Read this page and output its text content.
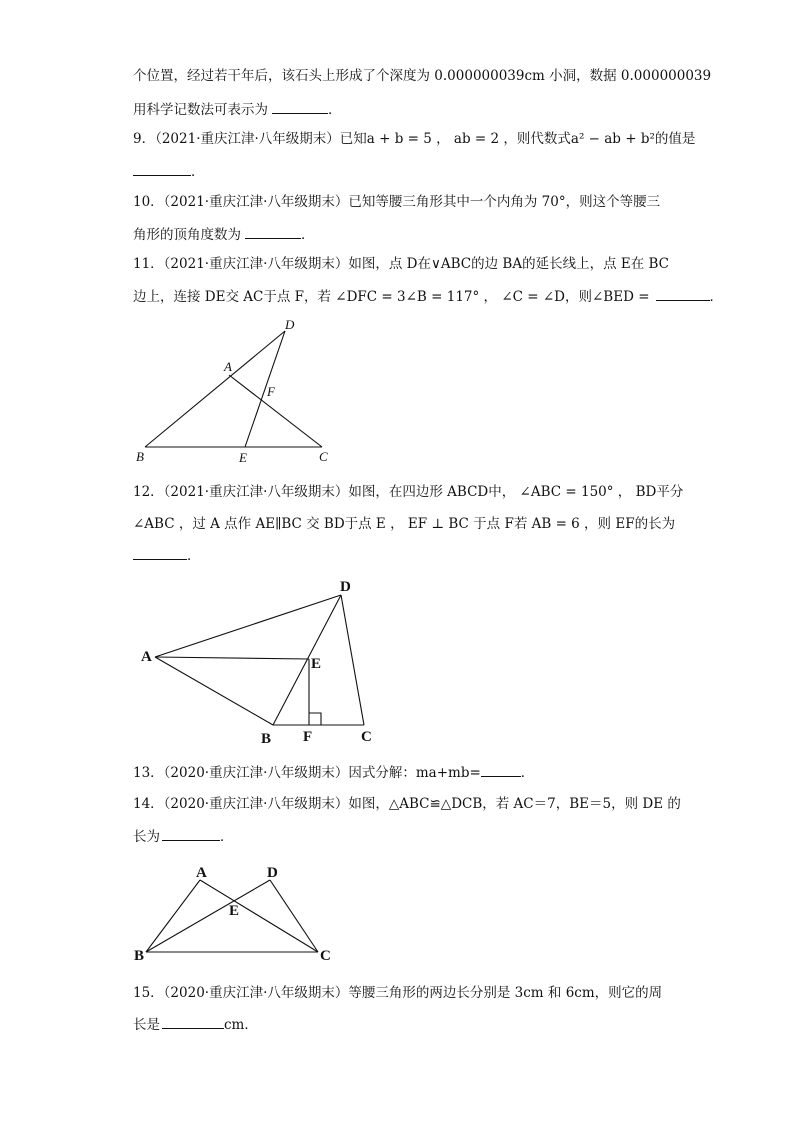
个位置，经过若干年后，该石头上形成了个深度为 0.000000039cm 小洞，数据 0.000000039
用科学记数法可表示为	．
9．（2021·重庆江津·八年级期末）已知a + b = 5 ， ab = 2 ，则代数式a² − ab + b²的值是
．
10．（2021·重庆江津·八年级期末）已知等腰三角形其中一个内角为 70°，则这个等腰三
角形的顶角度数为	．
11．（2021·重庆江津·八年级期末）如图，点 D在∨ABC的边 BA的延长线上，点 E在 BC
边上，连接 DE交 AC于点 F，若 ∠DFC = 3∠B = 117° ， ∠C = ∠D，则∠BED =	．
D
A
F
B	E	C
12．（2021·重庆江津·八年级期末）如图，在四边形 ABCD中， ∠ABC = 150° ， BD平分
∠ABC ，过 A 点作 AE∥BC 交 BD于点 E ， EF ⊥ BC 于点 F若 AB = 6 ，则 EF的长为
．
D
A	E
B F	C
13．（2020·重庆江津·八年级期末）因式分解：ma+mb=	．
14．（2020·重庆江津·八年级期末）如图，△ABC≌△DCB，若 AC＝7，BE＝5，则 DE 的
长为	．
A	D
E
B	C
15．（2020·重庆江津·八年级期末）等腰三角形的两边长分别是 3cm 和 6cm，则它的周
长是	cm．
